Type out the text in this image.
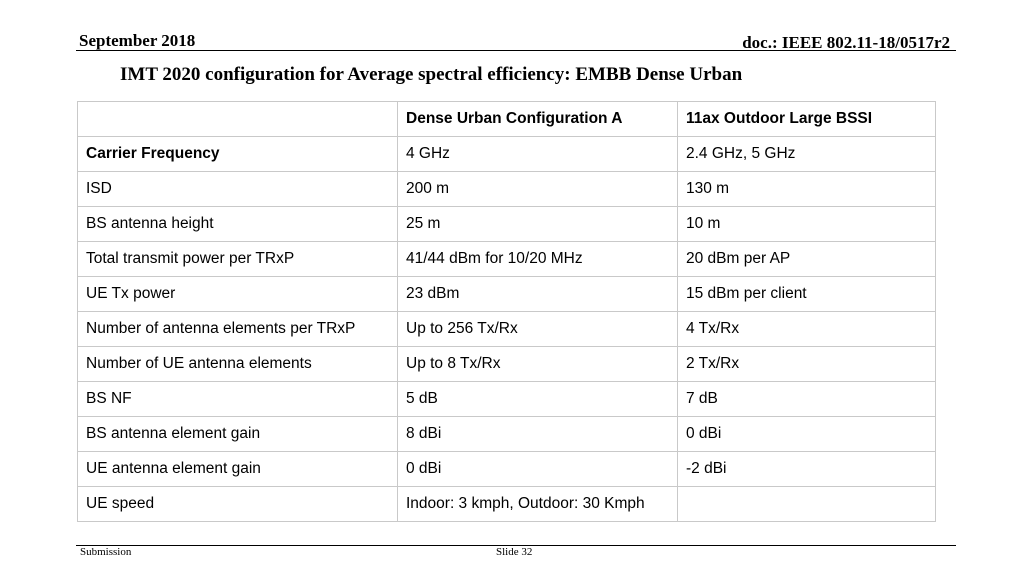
September 2018	doc.: IEEE 802.11-18/0517r2
IMT 2020 configuration for Average spectral efficiency: EMBB Dense Urban
	Dense Urban Configuration A	11ax Outdoor Large BSSI
Carrier Frequency	4 GHz	2.4 GHz, 5 GHz
ISD	200 m	130 m
BS antenna height	25 m	10 m
Total transmit power per TRxP	41/44 dBm for 10/20 MHz	20 dBm per AP
UE Tx power	23 dBm	15 dBm per client
Number of antenna elements per TRxP	Up to 256 Tx/Rx	4 Tx/Rx
Number of UE antenna elements	Up to 8 Tx/Rx	2 Tx/Rx
BS NF	5 dB	7 dB
BS antenna element gain	8 dBi	0 dBi
UE antenna element gain	0 dBi	-2 dBi
UE speed	Indoor: 3 kmph, Outdoor: 30 Kmph	
Submission	Slide 32
